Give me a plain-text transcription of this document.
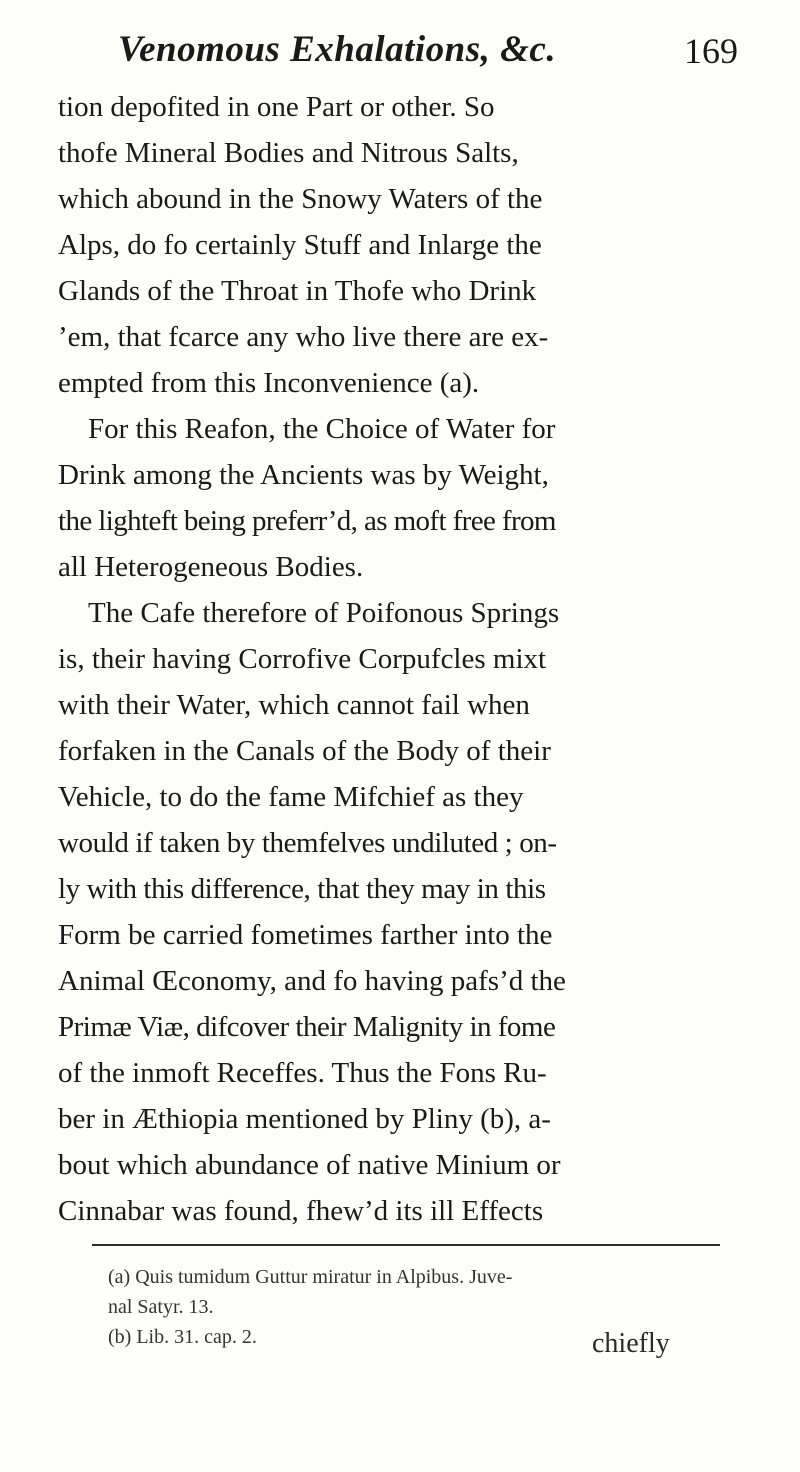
Venomous Exhalations, &c.	169
tion depofited in one Part or other. So
thofe Mineral Bodies and Nitrous Salts,
which abound in the Snowy Waters of the
Alps, do fo certainly Stuff and Inlarge the
Glands of the Throat in Thofe who Drink
’em, that fcarce any who live there are ex-
empted from this Inconvenience (a).
For this Reafon, the Choice of Water for
Drink among the Ancients was by Weight,
the lighteft being preferr’d, as moft free from
all Heterogeneous Bodies.
The Cafe therefore of Poifonous Springs
is, their having Corrofive Corpufcles mixt
with their Water, which cannot fail when
forfaken in the Canals of the Body of their
Vehicle, to do the fame Mifchief as they
would if taken by themfelves undiluted ; on-
ly with this difference, that they may in this
Form be carried fometimes farther into the
Animal Œconomy, and fo having pafs’d the
Primæ Viæ, difcover their Malignity in fome
of the inmoft Receffes. Thus the Fons Ru-
ber in Æthiopia mentioned by Pliny (b), a-
bout which abundance of native Minium or
Cinnabar was found, fhew’d its ill Effects
(a) Quis tumidum Guttur miratur in Alpibus. Juve-
nal Satyr. 13.
(b) Lib. 31. cap. 2.	chiefly
